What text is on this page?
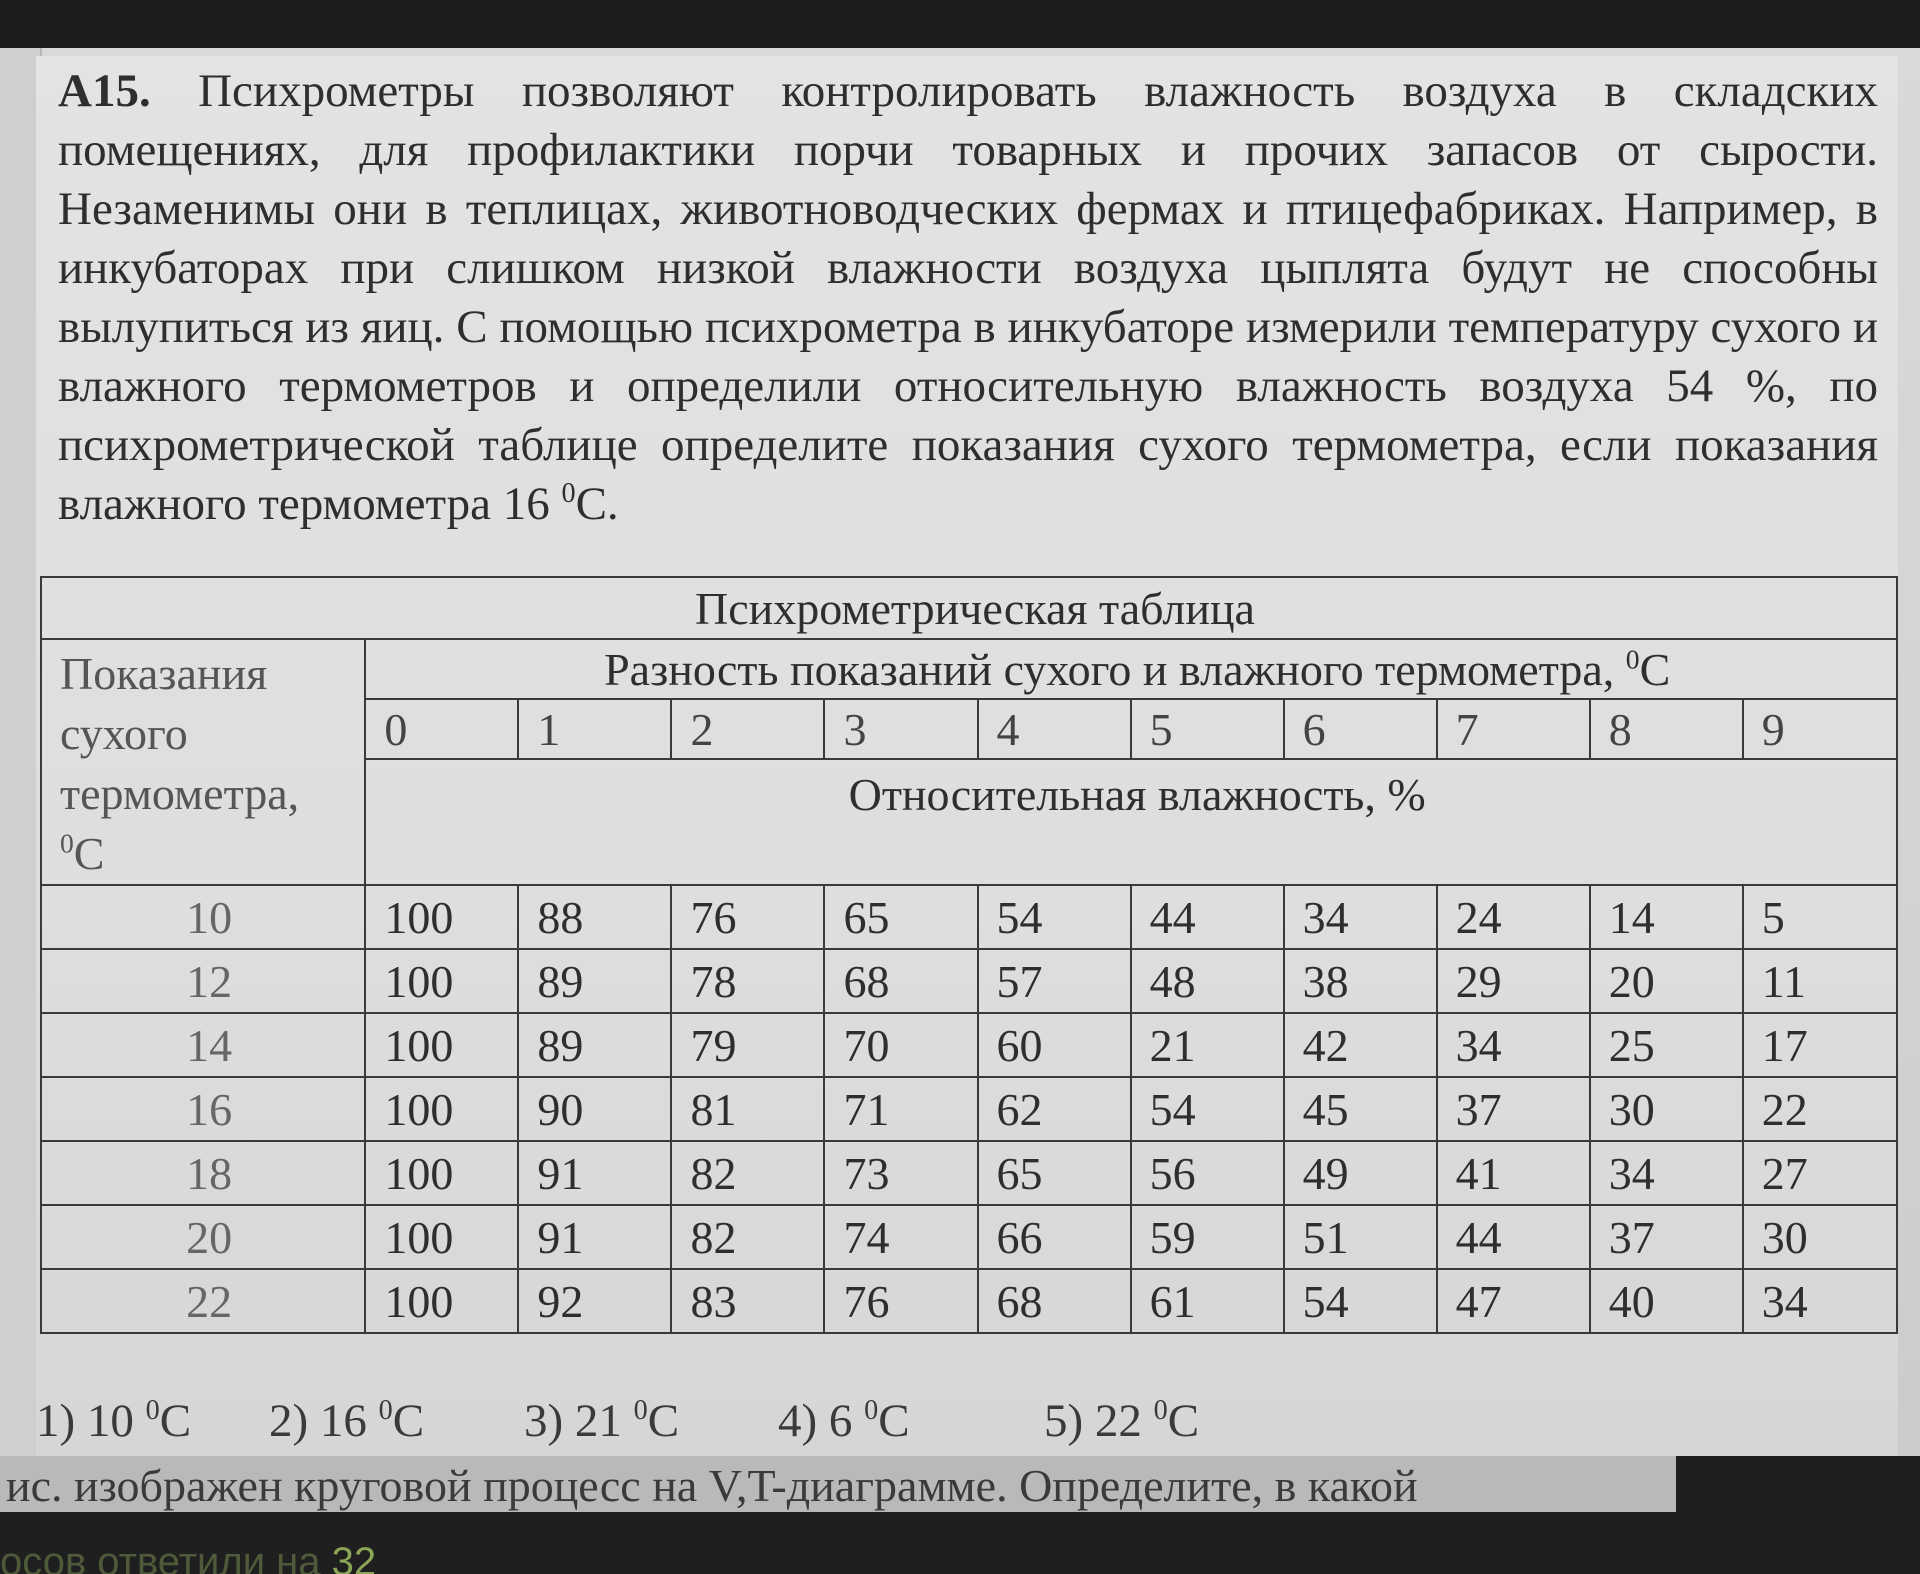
А15. Психрометры позволяют контролировать влажность воздуха в складских помещениях, для профилактики порчи товарных и прочих запасов от сырости. Незаменимы они в теплицах, животноводческих фермах и птицефабриках. Например, в инкубаторах при слишком низкой влажности воздуха цыплята будут не способны вылупиться из яиц. С помощью психрометра в инкубаторе измерили температуру сухого и влажного термометров и определили относительную влажность воздуха 54 %, по психрометрической таблице определите показания сухого термометра, если показания влажного термометра 16 $^0$С.
Психрометрическая таблица										
Показания сухого термометра,
$^0$С	Разность показаний сухого и влажного термометра, $^0$С									
	0	1	2	3	4	5	6	7	8	9
	Относительная влажность, %									
10	100	88	76	65	54	44	34	24	14	5
12	100	89	78	68	57	48	38	29	20	11
14	100	89	79	70	60	21	42	34	25	17
16	100	90	81	71	62	54	45	37	30	22
18	100	91	82	73	65	56	49	41	34	27
20	100	91	82	74	66	59	51	44	37	30
22	100	92	83	76	68	61	54	47	40	34
1) 10 $^0$С 2) 16 $^0$С 3) 21 $^0$С 4) 6 $^0$С	5) 22 $^0$С
ис. изображен круговой процесс на V,T-диаграмме. Определите, в какой
осов ответили на 32
